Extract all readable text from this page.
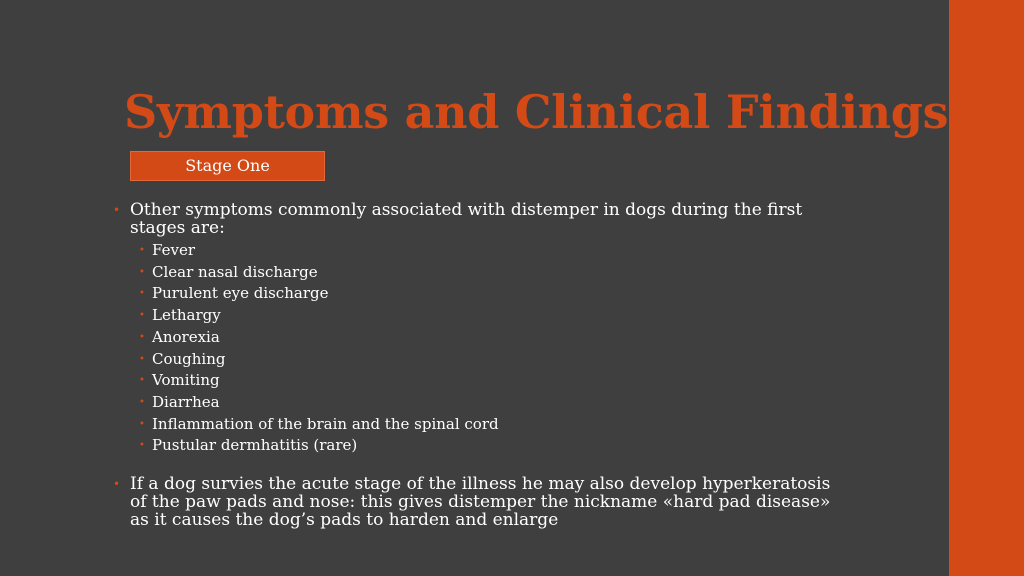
Symptoms and Clinical Findings
Stage One
• Other symptoms commonly associated with distemper in dogs during the first stages are:
• Fever
• Clear nasal discharge
• Purulent eye discharge
• Lethargy
• Anorexia
• Coughing
• Vomiting
• Diarrhea
• Inflammation of the brain and the spinal cord
• Pustular dermhatitis (rare)
• If a dog survies the acute stage of the illness he may also develop hyperkeratosis of the paw pads and nose: this gives distemper the nickname «hard pad disease» as it causes the dog’s pads to harden and enlarge
